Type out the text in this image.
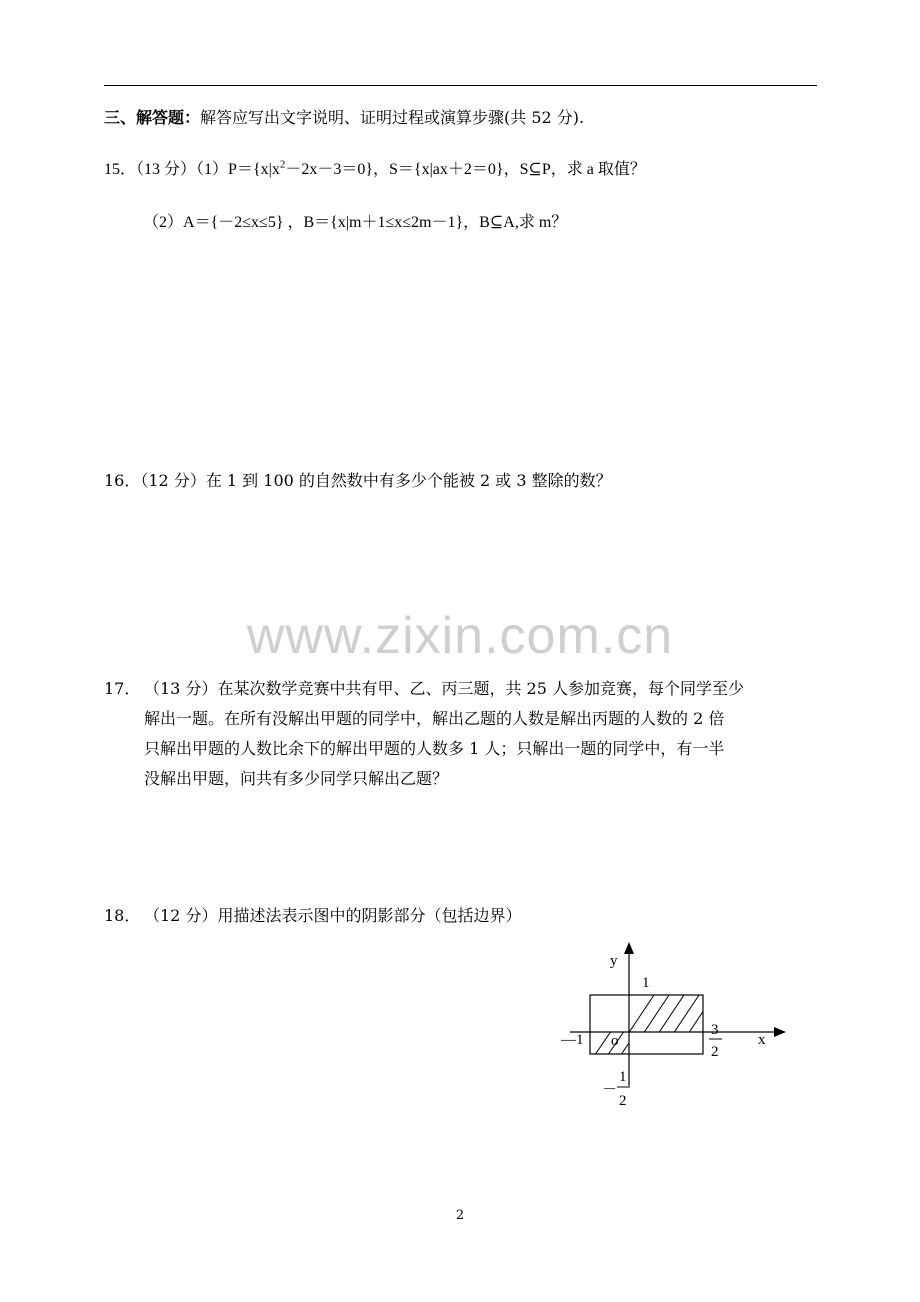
三、解答题：解答应写出文字说明、证明过程或演算步骤(共 52 分).
15．（13 分）$(1)P=\{x|x^2-2x-3=0\}$，S＝{x|ax＋2＝0}，S⊆P，求 a 取值？
（2）A＝{－2≤x≤5} ，B＝{x|m＋1≤x≤2m－1}，B⊆A,求 m？
16．（12 分）在 1 到 100 的自然数中有多少个能被 2 或 3 整除的数？
www.zixin.com.cn
17． （13 分）在某次数学竞赛中共有甲、乙、丙三题，共 25 人参加竞赛，每个同学至少
解出一题。在所有没解出甲题的同学中，解出乙题的人数是解出丙题的人数的 2 倍
只解出甲题的人数比余下的解出甲题的人数多 1 人；只解出一题的同学中，有一半
没解出甲题，问共有多少同学只解出乙题？
18． （12 分）用描述法表示图中的阴影部分（包括边界）
y
x
1
o
—1
3
2
－
1
2
2
